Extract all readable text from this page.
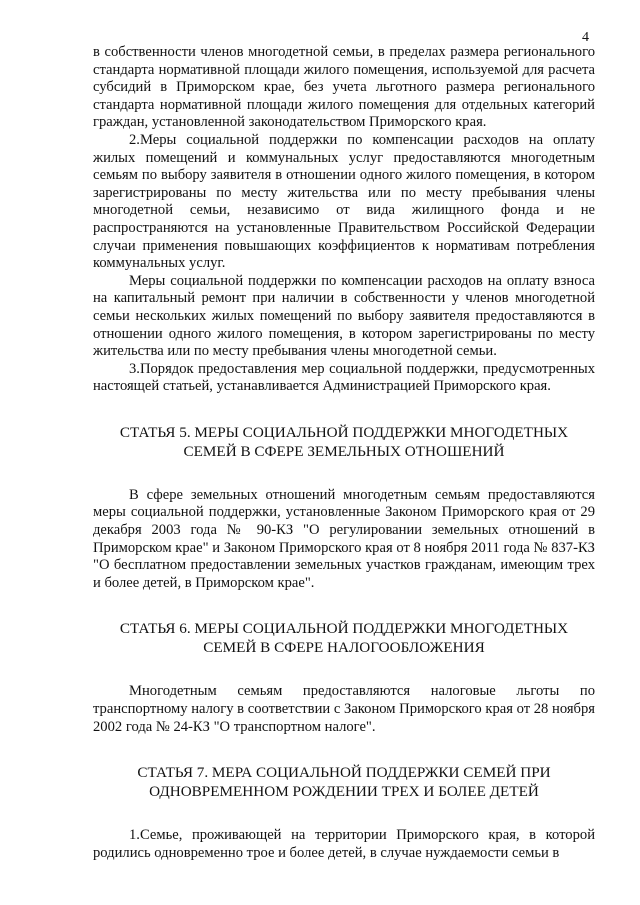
4

в собственности членов многодетной семьи, в пределах размера регионального стандарта нормативной площади жилого помещения, используемой для расчета субсидий в Приморском крае, без учета льготного размера регионального стандарта нормативной площади жилого помещения для отдельных категорий граждан, установленной законодательством Приморского края.

2.Меры социальной поддержки по компенсации расходов на оплату жилых помещений и коммунальных услуг предоставляются многодетным семьям по выбору заявителя в отношении одного жилого помещения, в котором зарегистрированы по месту жительства или по месту пребывания члены многодетной семьи, независимо от вида жилищного фонда и не распространяются на установленные Правительством Российской Федерации случаи применения повышающих коэффициентов к нормативам потребления коммунальных услуг.

Меры социальной поддержки по компенсации расходов на оплату взноса на капитальный ремонт при наличии в собственности у членов многодетной семьи нескольких жилых помещений по выбору заявителя предоставляются в отношении одного жилого помещения, в котором зарегистрированы по месту жительства или по месту пребывания члены многодетной семьи.

3.Порядок предоставления мер социальной поддержки, предусмотренных настоящей статьей, устанавливается Администрацией Приморского края.

СТАТЬЯ 5. МЕРЫ СОЦИАЛЬНОЙ ПОДДЕРЖКИ МНОГОДЕТНЫХ
СЕМЕЙ В СФЕРЕ ЗЕМЕЛЬНЫХ ОТНОШЕНИЙ

В сфере земельных отношений многодетным семьям предоставляются меры социальной поддержки, установленные Законом Приморского края от 29 декабря 2003 года № 90-КЗ "О регулировании земельных отношений в Приморском крае" и Законом Приморского края от 8 ноября 2011 года № 837-КЗ "О бесплатном предоставлении земельных участков гражданам, имеющим трех и более детей, в Приморском крае".

СТАТЬЯ 6. МЕРЫ СОЦИАЛЬНОЙ ПОДДЕРЖКИ МНОГОДЕТНЫХ
СЕМЕЙ В СФЕРЕ НАЛОГООБЛОЖЕНИЯ

Многодетным семьям предоставляются налоговые льготы по транспортному налогу в соответствии с Законом Приморского края от 28 ноября 2002 года № 24-КЗ "О транспортном налоге".

СТАТЬЯ 7. МЕРА СОЦИАЛЬНОЙ ПОДДЕРЖКИ СЕМЕЙ ПРИ
ОДНОВРЕМЕННОМ РОЖДЕНИИ ТРЕХ И БОЛЕЕ ДЕТЕЙ

1.Семье, проживающей на территории Приморского края, в которой родились одновременно трое и более детей, в случае нуждаемости семьи в
